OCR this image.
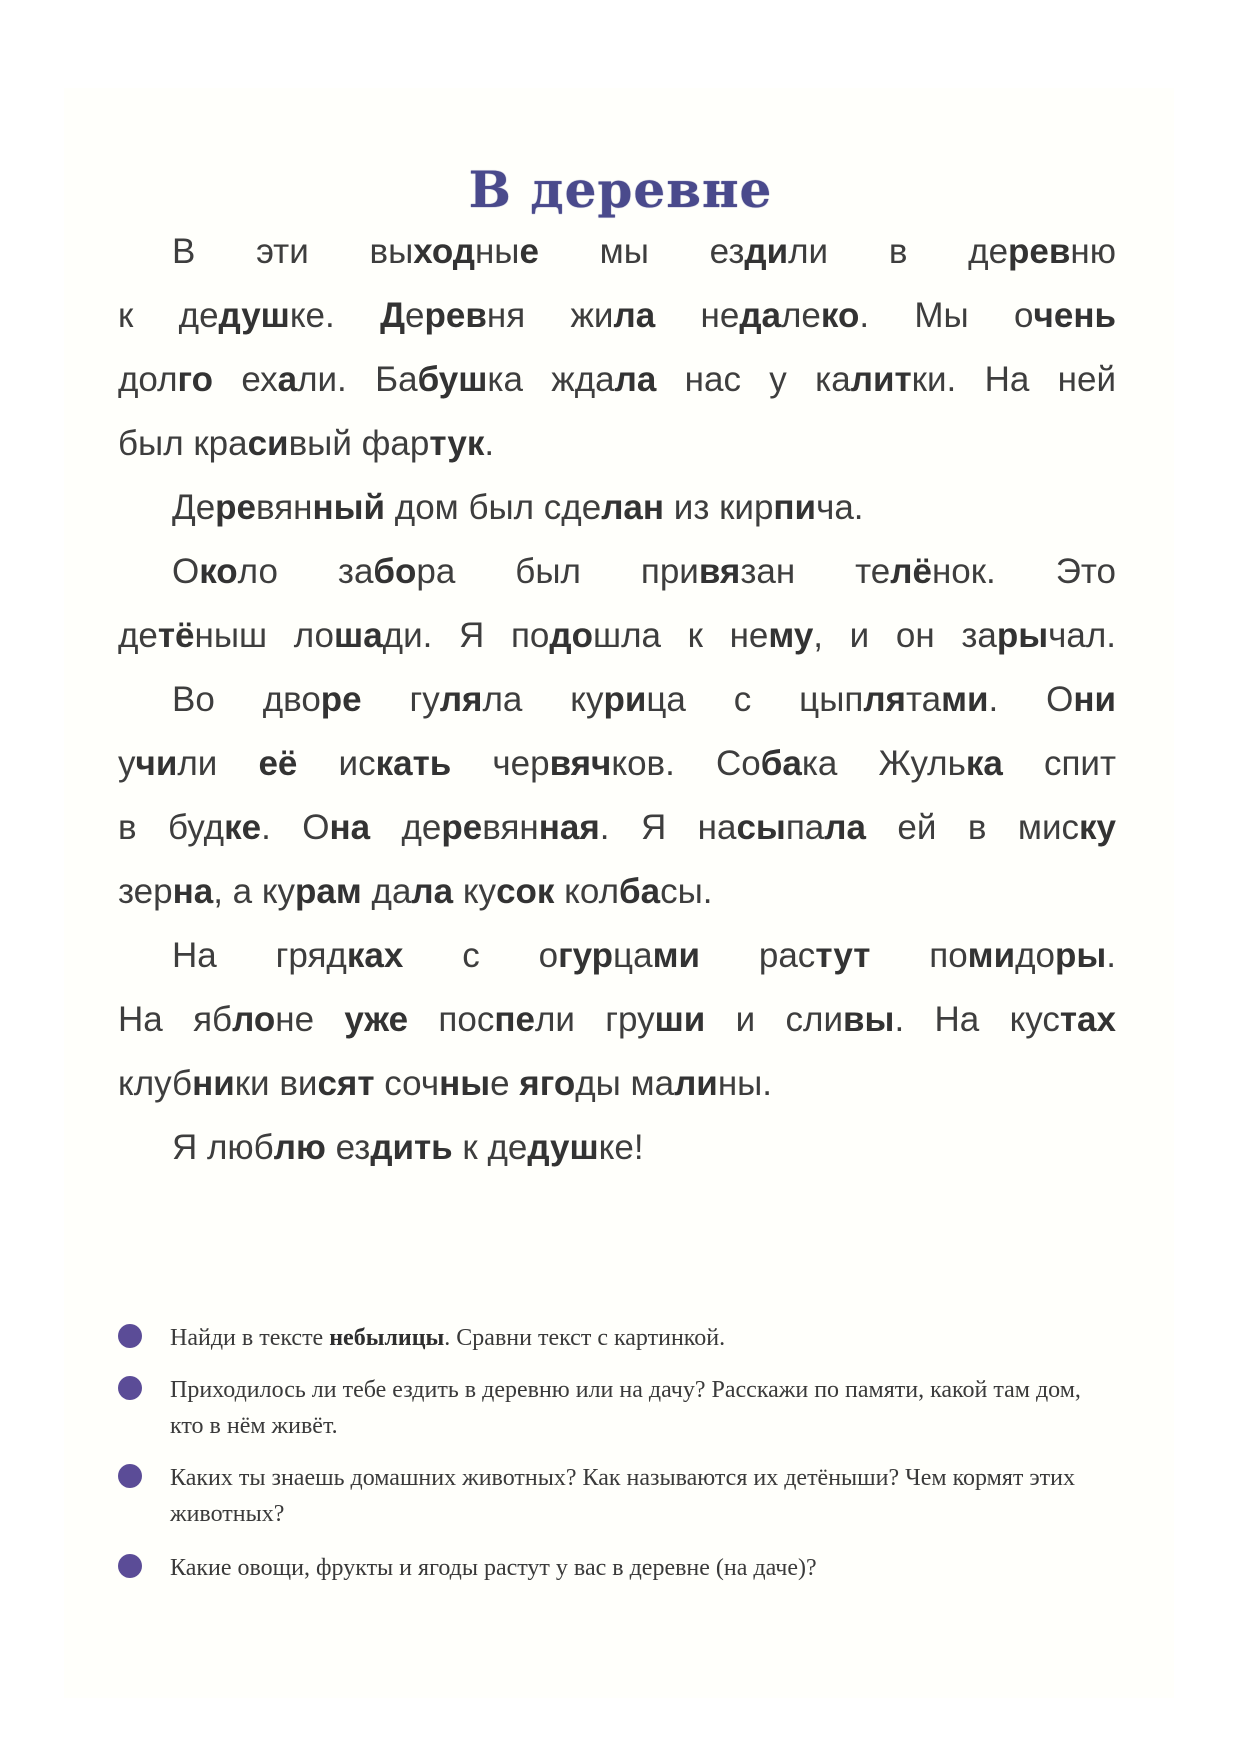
В деревне
В эти выходные мы ездили в деревню
к дедушке. Деревня жила недалеко. Мы очень
долго ехали. Бабушка ждала нас у калитки. На ней
был красивый фартук.
Деревянный дом был сделан из кирпича.
Около забора был привязан телёнок. Это
детёныш лошади. Я подошла к нему, и он зарычал.
Во дворе гуляла курица с цыплятами. Они
учили её искать червячков. Собака Жулька спит
в будке. Она деревянная. Я насыпала ей в миску
зерна, а курам дала кусок колбасы.
На грядках с огурцами растут помидоры.
На яблоне уже поспели груши и сливы. На кустах
клубники висят сочные ягоды малины.
Я люблю ездить к дедушке!
Найди в тексте небылицы. Сравни текст с картинкой.
Приходилось ли тебе ездить в деревню или на дачу? Расскажи по памяти, какой там дом, кто в нём живёт.
Каких ты знаешь домашних животных? Как называются их детёныши? Чем кормят этих животных?
Какие овощи, фрукты и ягоды растут у вас в деревне (на даче)?
